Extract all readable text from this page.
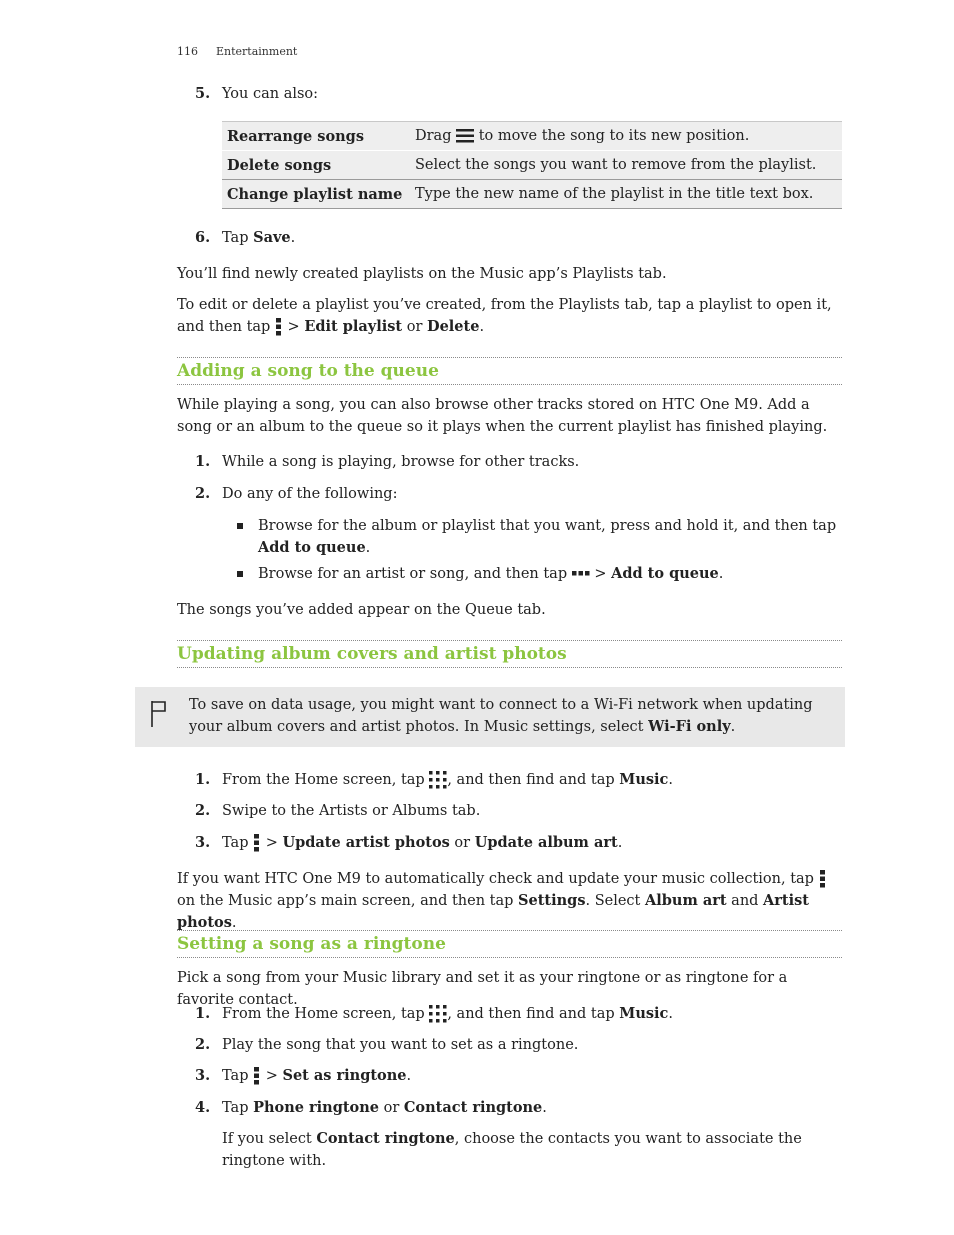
116 Entertainment
5. You can also:
Rearrange songs	Drag to move the song to its new position.
Delete songs	Select the songs you want to remove from the playlist.
Change playlist name	Type the new name of the playlist in the title text box.
6. Tap Save.
You’ll find newly created playlists on the Music app’s Playlists tab.
To edit or delete a playlist you’ve created, from the Playlists tab, tap a playlist to open it, and then tap > Edit playlist or Delete.
Adding a song to the queue
While playing a song, you can also browse other tracks stored on HTC One M9. Add a song or an album to the queue so it plays when the current playlist has finished playing.
1. While a song is playing, browse for other tracks.
2. Do any of the following:
Browse for the album or playlist that you want, press and hold it, and then tap Add to queue.
Browse for an artist or song, and then tap > Add to queue.
The songs you’ve added appear on the Queue tab.
Updating album covers and artist photos
To save on data usage, you might want to connect to a Wi-Fi network when updating your album covers and artist photos. In Music settings, select Wi-Fi only.
1. From the Home screen, tap , and then find and tap Music.
2. Swipe to the Artists or Albums tab.
3. Tap > Update artist photos or Update album art.
If you want HTC One M9 to automatically check and update your music collection, tap  on the Music app’s main screen, and then tap Settings. Select Album art and Artist photos.
Setting a song as a ringtone
Pick a song from your Music library and set it as your ringtone or as ringtone for a favorite contact.
1. From the Home screen, tap , and then find and tap Music.
2. Play the song that you want to set as a ringtone.
3. Tap > Set as ringtone.
4. Tap Phone ringtone or Contact ringtone.
If you select Contact ringtone, choose the contacts you want to associate the ringtone with.
